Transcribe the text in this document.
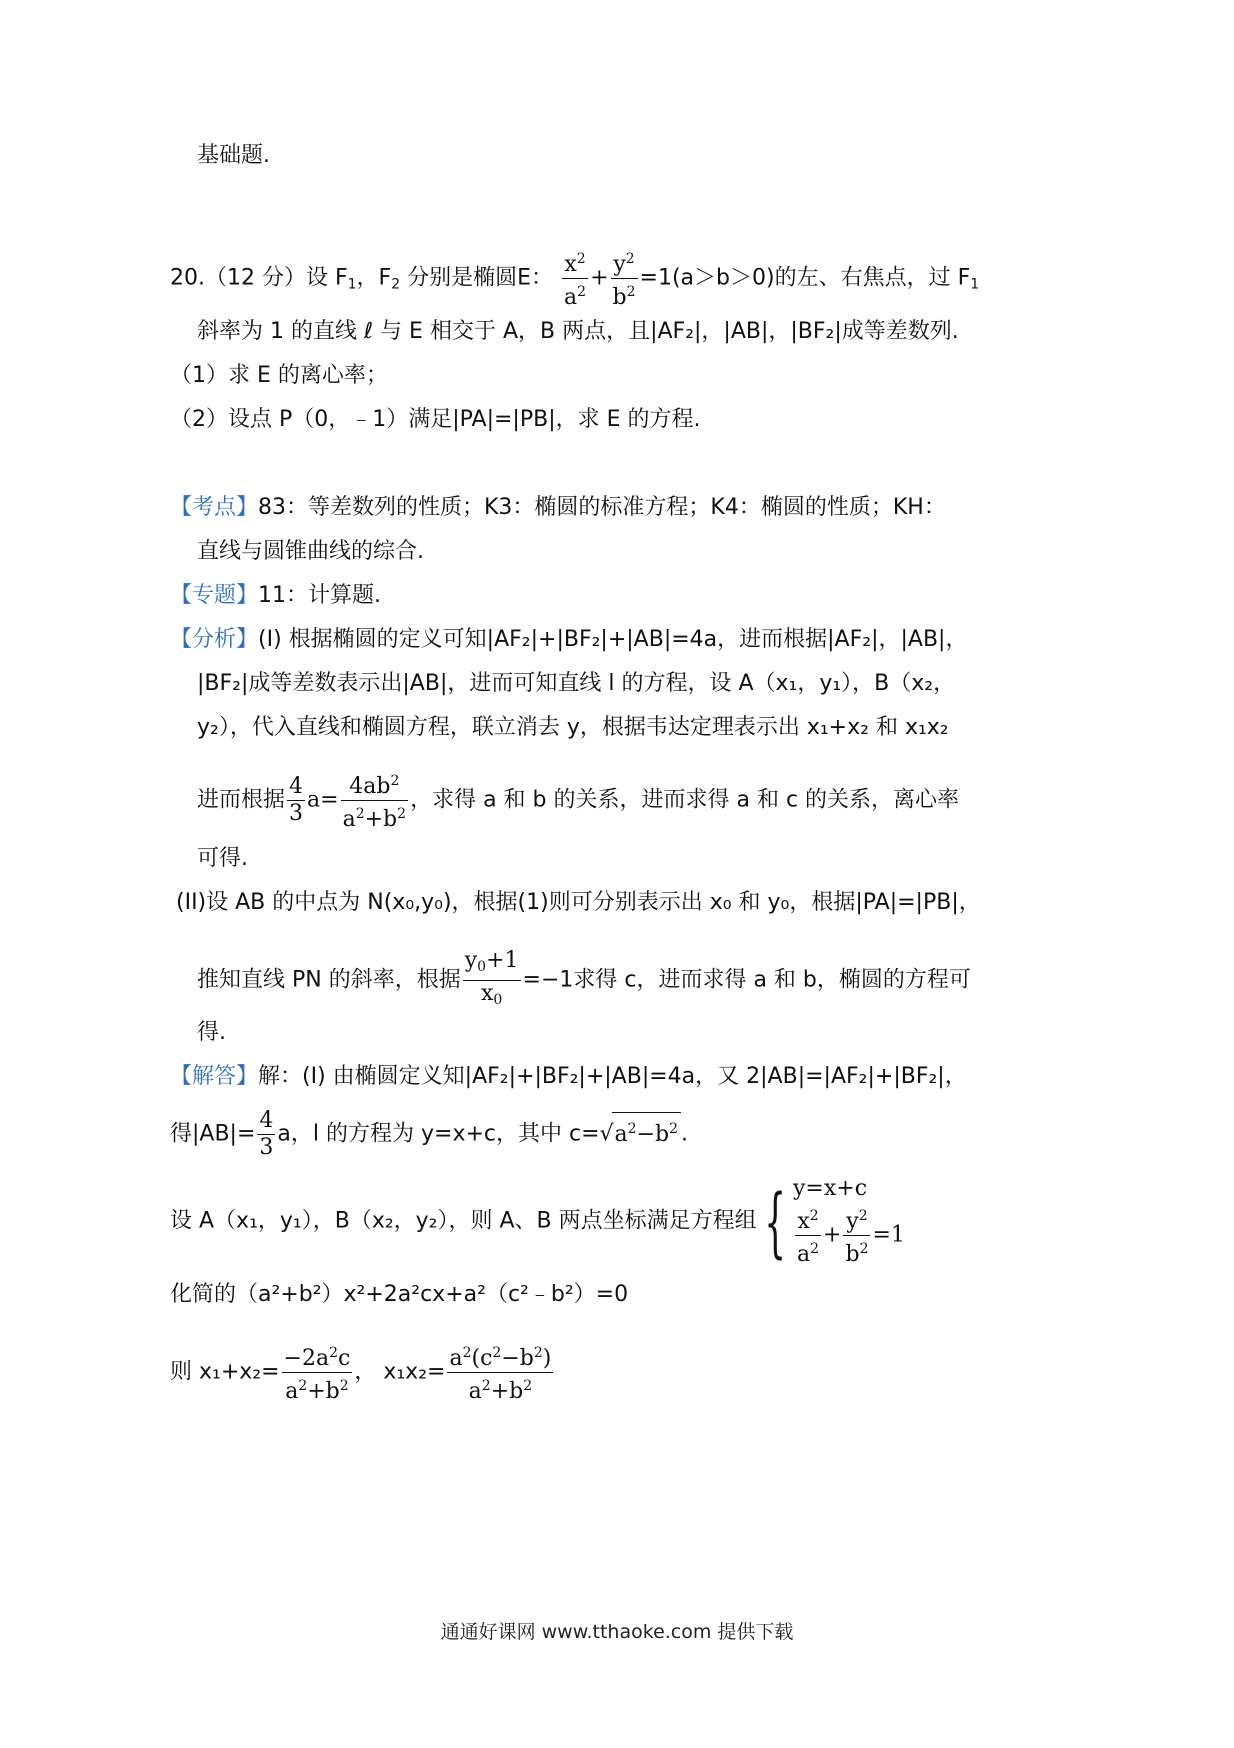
基础题.
20.（12 分）设 $F_1$，$F_2$ 分别是椭圆E： $\frac{x^2}{a^2} + \frac{y^2}{b^2} =1(a>b>0)$的左、右焦点，过 $F_1$
斜率为 1 的直线 ℓ 与 E 相交于 A，B 两点，且|AF₂|，|AB|，|BF₂|成等差数列.
（1）求 E 的离心率；
（2）设点 P（0，﹣1）满足|PA|=|PB|，求 E 的方程.
【考点】83：等差数列的性质；K3：椭圆的标准方程；K4：椭圆的性质；KH：
直线与圆锥曲线的综合.
【专题】11：计算题.
【分析】(I) 根据椭圆的定义可知|AF₂|+|BF₂|+|AB|=4a，进而根据|AF₂|，|AB|，
|BF₂|成等差数表示出|AB|，进而可知直线 l 的方程，设 A（x₁，y₁），B（x₂，
y₂），代入直线和椭圆方程，联立消去 y，根据韦达定理表示出 x₁+x₂ 和 x₁x₂
进而根据 $\frac{4}{3} a= \frac{4ab^2}{a^2+b^2}$ ，求得 a 和 b 的关系，进而求得 a 和 c 的关系，离心率
可得.
(II)设 AB 的中点为 N(x₀,y₀)，根据(1)则可分别表示出 x₀ 和 y₀，根据|PA|=|PB|，
推知直线 PN 的斜率，根据 $\frac{y_0+1}{x_0} =-1$求得 c，进而求得 a 和 b，椭圆的方程可
得.
【解答】解：(I) 由椭圆定义知|AF₂|+|BF₂|+|AB|=4a，又 2|AB|=|AF₂|+|BF₂|，
得$|AB|= \frac{4}{3}$ a，l 的方程为 y=x+c，其中 $c=√a^2-b^2$ .
设 A（x₁，y₁），B（x₂，y₂），则 A、B 两点坐标满足方程组{ y=x+c
$\frac{x^2}{a^2} + \frac{y^2}{b^2} =1$
化简的（a²+b²）x²+2a²cx+a²（c²﹣b²）=0
则 $x_1+x_2= \frac{-2a^2c}{a^2+b^2}$ ， $x_1x_2= \frac{a^2(c^2-b^2)}{a^2+b^2}$
通通好课网 www.tthaoke.com 提供下载
